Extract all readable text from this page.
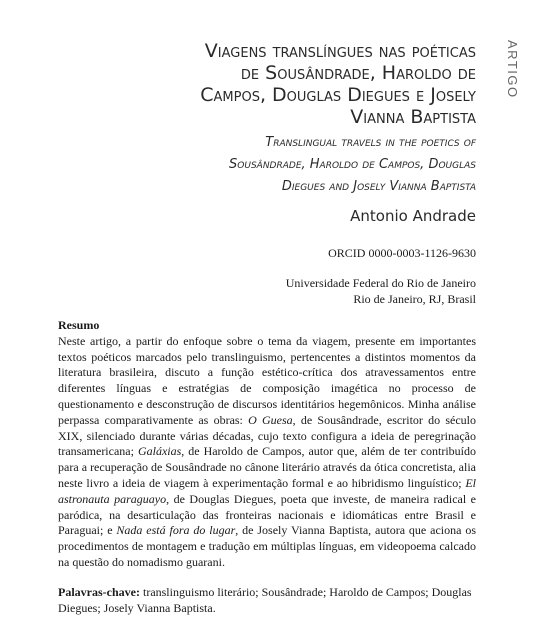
ARTIGO
Viagens translíngues nas poéticas
de Sousândrade, Haroldo de
Campos, Douglas Diegues e Josely
Vianna Baptista
Translingual travels in the poetics of
Sousândrade, Haroldo de Campos, Douglas
Diegues and Josely Vianna Baptista
Antonio Andrade
ORCID 0000-0003-1126-9630
Universidade Federal do Rio de Janeiro
Rio de Janeiro, RJ, Brasil
Resumo
Neste artigo, a partir do enfoque sobre o tema da viagem, presente em importantes textos poéticos marcados pelo translinguismo, pertencentes a distintos momentos da literatura brasileira, discuto a função estético-crítica dos atravessamentos entre diferentes línguas e estratégias de composição imagética no processo de questionamento e desconstrução de discursos identitários hegemônicos. Minha análise perpassa comparativamente as obras: O Guesa, de Sousândrade, escritor do século XIX, silenciado durante várias décadas, cujo texto configura a ideia de peregrinação transamericana; Galáxias, de Haroldo de Campos, autor que, além de ter contribuído para a recuperação de Sousândrade no cânone literário através da ótica concretista, alia neste livro a ideia de viagem à experimentação formal e ao hibridismo linguístico; El astronauta paraguayo, de Douglas Diegues, poeta que investe, de maneira radical e paródica, na desarticulação das fronteiras nacionais e idiomáticas entre Brasil e Paraguai; e Nada está fora do lugar, de Josely Vianna Baptista, autora que aciona os procedimentos de montagem e tradução em múltiplas línguas, em videopoema calcado na questão do nomadismo guarani.
Palavras-chave: translinguismo literário; Sousândrade; Haroldo de Campos; Douglas Diegues; Josely Vianna Baptista.
